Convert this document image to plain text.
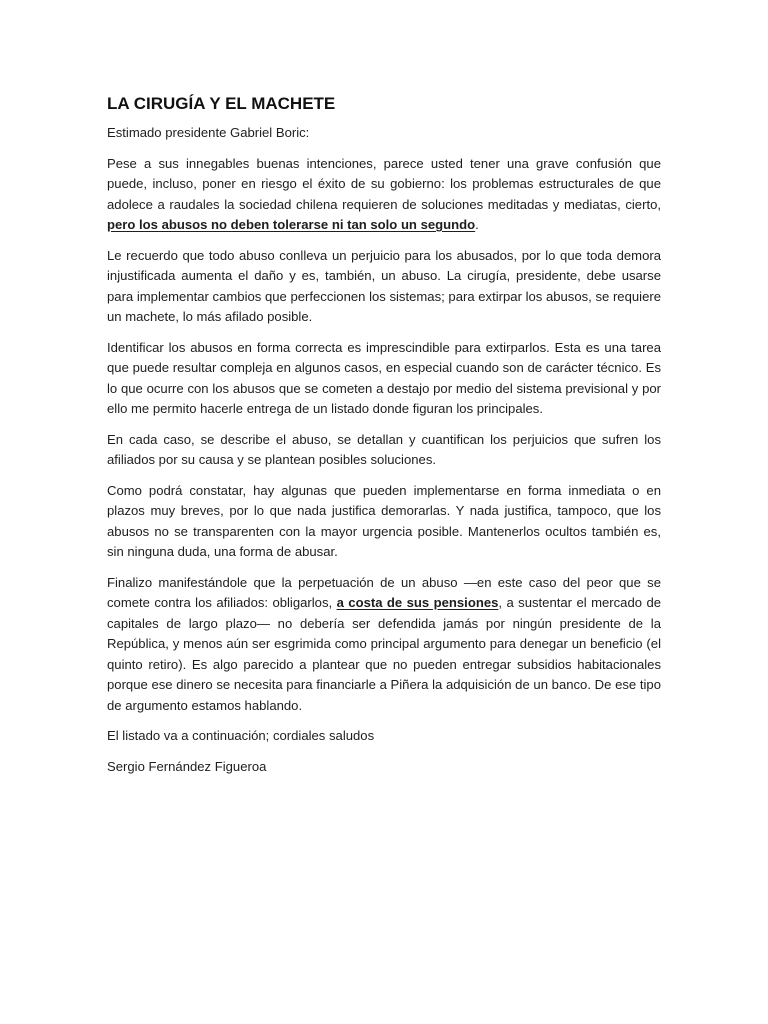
LA CIRUGÍA Y EL MACHETE

Estimado presidente Gabriel Boric:

Pese a sus innegables buenas intenciones, parece usted tener una grave confusión que puede, incluso, poner en riesgo el éxito de su gobierno: los problemas estructurales de que adolece a raudales la sociedad chilena requieren de soluciones meditadas y mediatas, cierto, pero los abusos no deben tolerarse ni tan solo un segundo.

Le recuerdo que todo abuso conlleva un perjuicio para los abusados, por lo que toda demora injustificada aumenta el daño y es, también, un abuso. La cirugía, presidente, debe usarse para implementar cambios que perfeccionen los sistemas; para extirpar los abusos, se requiere un machete, lo más afilado posible.

Identificar los abusos en forma correcta es imprescindible para extirparlos. Esta es una tarea que puede resultar compleja en algunos casos, en especial cuando son de carácter técnico. Es lo que ocurre con los abusos que se cometen a destajo por medio del sistema previsional y por ello me permito hacerle entrega de un listado donde figuran los principales.

En cada caso, se describe el abuso, se detallan y cuantifican los perjuicios que sufren los afiliados por su causa y se plantean posibles soluciones.

Como podrá constatar, hay algunas que pueden implementarse en forma inmediata o en plazos muy breves, por lo que nada justifica demorarlas. Y nada justifica, tampoco, que los abusos no se transparenten con la mayor urgencia posible. Mantenerlos ocultos también es, sin ninguna duda, una forma de abusar.

Finalizo manifestándole que la perpetuación de un abuso —en este caso del peor que se comete contra los afiliados: obligarlos, a costa de sus pensiones, a sustentar el mercado de capitales de largo plazo— no debería ser defendida jamás por ningún presidente de la República, y menos aún ser esgrimida como principal argumento para denegar un beneficio (el quinto retiro). Es algo parecido a plantear que no pueden entregar subsidios habitacionales porque ese dinero se necesita para financiarle a Piñera la adquisición de un banco. De ese tipo de argumento estamos hablando.

El listado va a continuación; cordiales saludos

Sergio Fernández Figueroa
